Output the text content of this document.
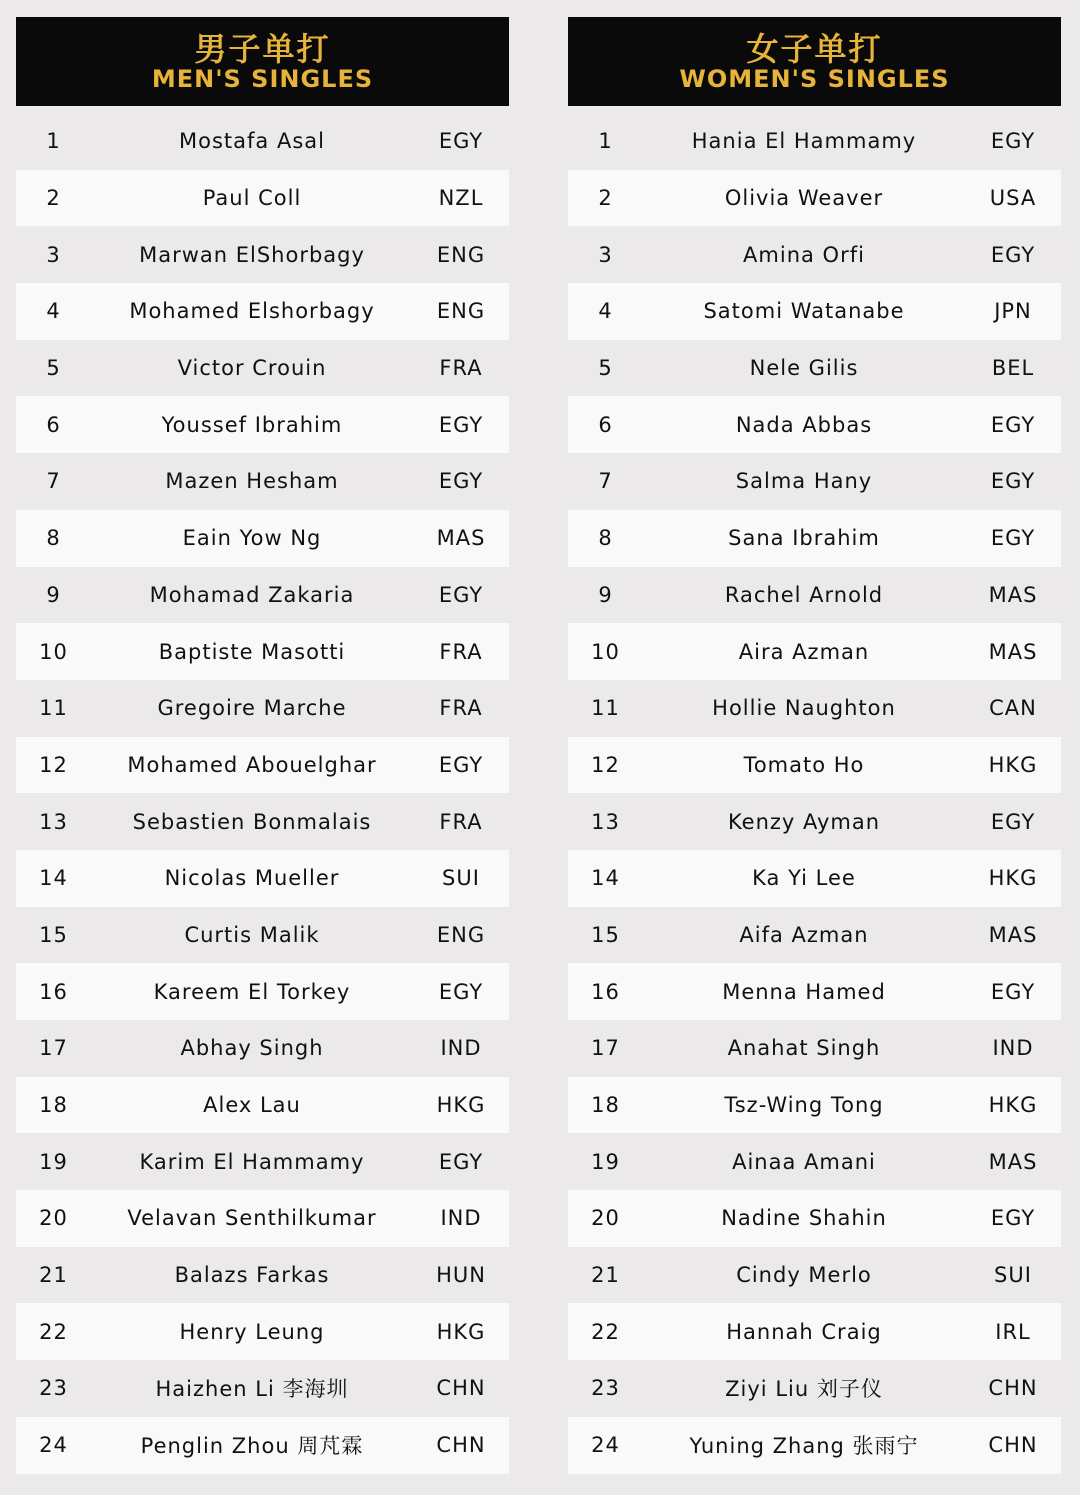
男子单打
MEN'S SINGLES
1	Mostafa Asal	EGY
2	Paul Coll	NZL
3	Marwan ElShorbagy	ENG
4	Mohamed Elshorbagy	ENG
5	Victor Crouin	FRA
6	Youssef Ibrahim	EGY
7	Mazen Hesham	EGY
8	Eain Yow Ng	MAS
9	Mohamad Zakaria	EGY
10	Baptiste Masotti	FRA
11	Gregoire Marche	FRA
12	Mohamed Abouelghar	EGY
13	Sebastien Bonmalais	FRA
14	Nicolas Mueller	SUI
15	Curtis Malik	ENG
16	Kareem El Torkey	EGY
17	Abhay Singh	IND
18	Alex Lau	HKG
19	Karim El Hammamy	EGY
20	Velavan Senthilkumar	IND
21	Balazs Farkas	HUN
22	Henry Leung	HKG
23	Haizhen Li 李海圳	CHN
24	Penglin Zhou 周芃霖	CHN
女子单打
WOMEN'S SINGLES
1	Hania El Hammamy	EGY
2	Olivia Weaver	USA
3	Amina Orfi	EGY
4	Satomi Watanabe	JPN
5	Nele Gilis	BEL
6	Nada Abbas	EGY
7	Salma Hany	EGY
8	Sana Ibrahim	EGY
9	Rachel Arnold	MAS
10	Aira Azman	MAS
11	Hollie Naughton	CAN
12	Tomato Ho	HKG
13	Kenzy Ayman	EGY
14	Ka Yi Lee	HKG
15	Aifa Azman	MAS
16	Menna Hamed	EGY
17	Anahat Singh	IND
18	Tsz-Wing Tong	HKG
19	Ainaa Amani	MAS
20	Nadine Shahin	EGY
21	Cindy Merlo	SUI
22	Hannah Craig	IRL
23	Ziyi Liu 刘子仪	CHN
24	Yuning Zhang 张雨宁	CHN
